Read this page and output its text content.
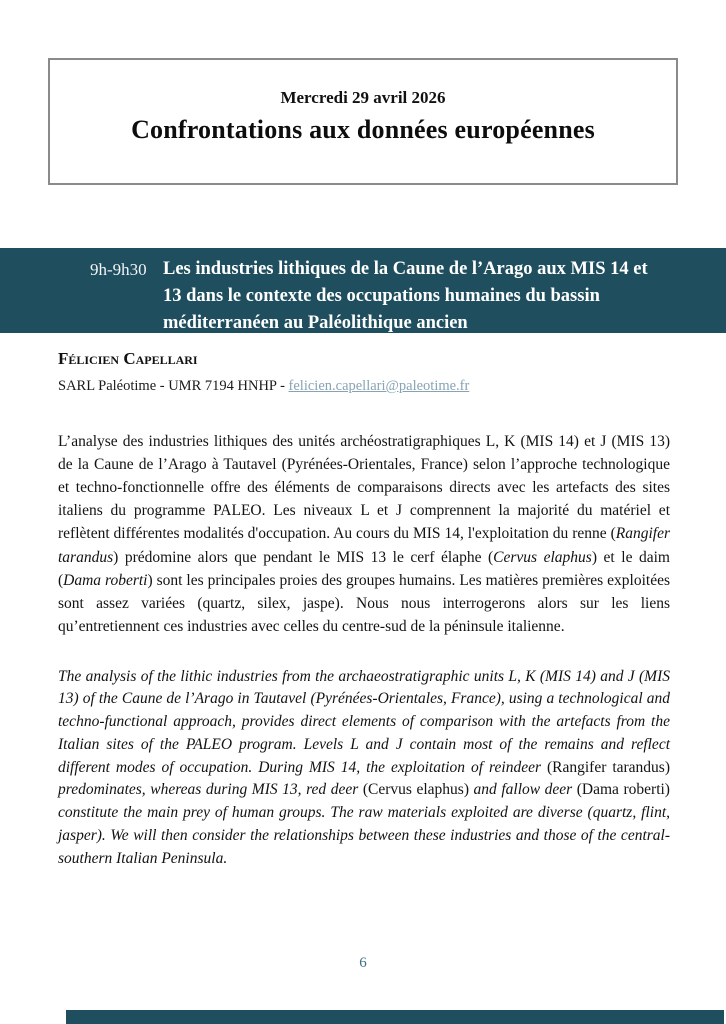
Mercredi 29 avril 2026
Confrontations aux données européennes
9h-9h30 Les industries lithiques de la Caune de l’Arago aux MIS 14 et 13 dans le contexte des occupations humaines du bassin méditerranéen au Paléolithique ancien
Félicien Capellari
SARL Paléotime - UMR 7194 HNHP - felicien.capellari@paleotime.fr

L’analyse des industries lithiques des unités archéostratigraphiques L, K (MIS 14) et J (MIS 13) de la Caune de l’Arago à Tautavel (Pyrénées-Orientales, France) selon l’approche technologique et techno-fonctionnelle offre des éléments de comparaisons directs avec les artefacts des sites italiens du programme PALEO. Les niveaux L et J comprennent la majorité du matériel et reflètent différentes modalités d'occupation. Au cours du MIS 14, l'exploitation du renne (Rangifer tarandus) prédomine alors que pendant le MIS 13 le cerf élaphe (Cervus elaphus) et le daim (Dama roberti) sont les principales proies des groupes humains. Les matières premières exploitées sont assez variées (quartz, silex, jaspe). Nous nous interrogerons alors sur les liens qu’entretiennent ces industries avec celles du centre-sud de la péninsule italienne.

The analysis of the lithic industries from the archaeostratigraphic units L, K (MIS 14) and J (MIS 13) of the Caune de l’Arago in Tautavel (Pyrénées-Orientales, France), using a technological and techno-functional approach, provides direct elements of comparison with the artefacts from the Italian sites of the PALEO program. Levels L and J contain most of the remains and reflect different modes of occupation. During MIS 14, the exploitation of reindeer (Rangifer tarandus) predominates, whereas during MIS 13, red deer (Cervus elaphus) and fallow deer (Dama roberti) constitute the main prey of human groups. The raw materials exploited are diverse (quartz, flint, jasper). We will then consider the relationships between these industries and those of the central-southern Italian Peninsula.

6
